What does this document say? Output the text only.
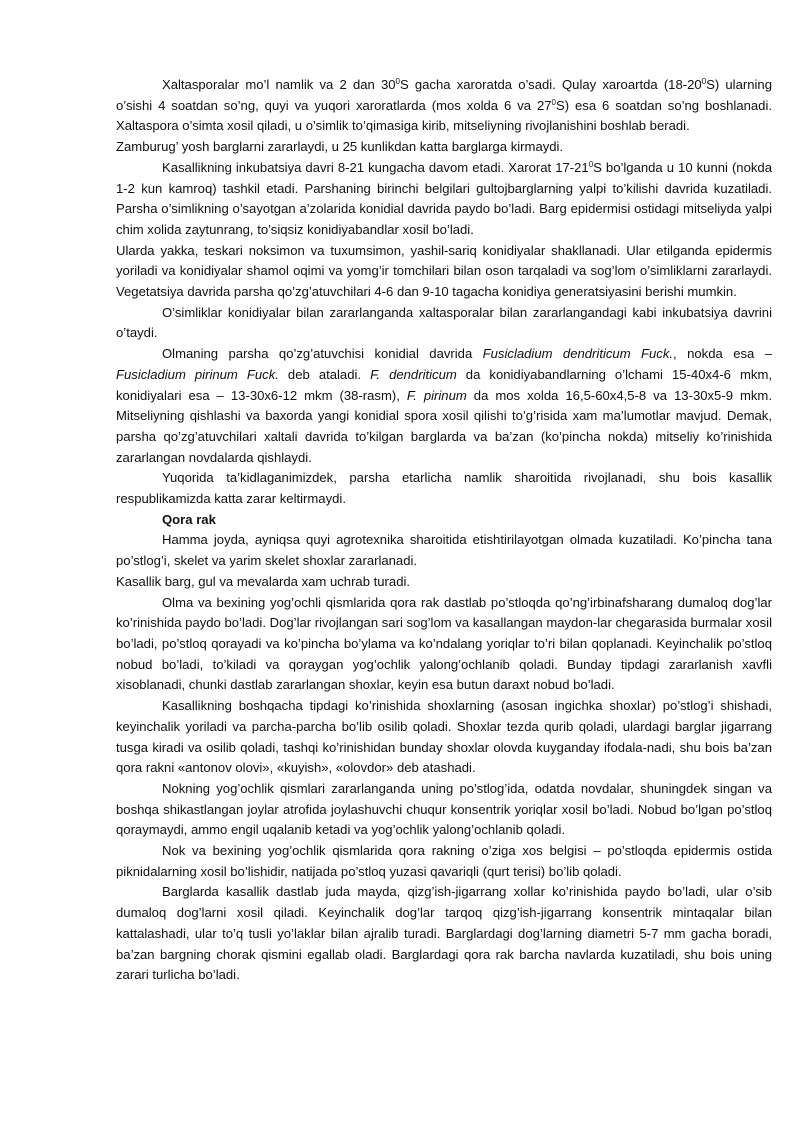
Xaltasporalar mo’l namlik va 2 dan $30^0S$ gacha xaroratda o’sadi. Qulay xaroartda $(18-20^0S)$ ularning o’sishi 4 soatdan so’ng, quyi va yuqori xaroratlarda (mos xolda 6 va $27^0S$) esa 6 soatdan so’ng boshlanadi. Xaltaspora o’simta xosil qiladi, u o’simlik to’qimasiga kirib, mitseliyning rivojlanishini boshlab beradi.

Zamburug’ yosh barglarni zararlaydi, u 25 kunlikdan katta barglarga kirmaydi.

Kasallikning inkubatsiya davri 8-21 kungacha davom etadi. Xarorat $17-21^0S$ bo’lganda u 10 kunni (nokda 1-2 kun kamroq) tashkil etadi. Parshaning birinchi belgilari gultojbarglarning yalpi to’kilishi davrida kuzatiladi. Parsha o’simlikning o’sayotgan a’zolarida konidial davrida paydo bo’ladi. Barg epidermisi ostidagi mitseliyda yalpi chim xolida zaytunrang, to’siqsiz konidiyabandlar xosil bo’ladi.

Ularda yakka, teskari noksimon va tuxumsimon, yashil-sariq konidiyalar shakllanadi. Ular etilganda epidermis yoriladi va konidiyalar shamol oqimi va yomg’ir tomchilari bilan oson tarqaladi va sog’lom o’simliklarni zararlaydi. Vegetatsiya davrida parsha qo’zg’atuvchilari 4-6 dan 9-10 tagacha konidiya generatsiyasini berishi mumkin.

O’simliklar konidiyalar bilan zararlanganda xaltasporalar bilan zararlangandagi kabi inkubatsiya davrini o’taydi.

Olmaning parsha qo’zg’atuvchisi konidial davrida Fusicladium dendriticum Fuck., nokda esa – Fusicladium pirinum Fuck. deb ataladi. F. dendriticum da konidiyabandlarning o’lchami 15-40x4-6 mkm, konidiyalari esa – 13-30x6-12 mkm (38-rasm), F. pirinum da mos xolda 16,5-60x4,5-8 va 13-30x5-9 mkm. Mitseliyning qishlashi va baxorda yangi konidial spora xosil qilishi to’g’risida xam ma’lumotlar mavjud. Demak, parsha qo’zg’atuvchilari xaltali davrida to’kilgan barglarda va ba’zan (ko’pincha nokda) mitseliy ko’rinishida zararlangan novdalarda qishlaydi.

Yuqorida ta’kidlaganimizdek, parsha etarlicha namlik sharoitida rivojlanadi, shu bois kasallik respublikamizda katta zarar keltirmaydi.

Qora rak

Hamma joyda, ayniqsa quyi agrotexnika sharoitida etishtirilayotgan olmada kuzatiladi. Ko’pincha tana po’stlog’i, skelet va yarim skelet shoxlar zararlanadi.

Kasallik barg, gul va mevalarda xam uchrab turadi.

Olma va bexining yog’ochli qismlarida qora rak dastlab po’stloqda qo’ng’irbinafsharang dumaloq dog’lar ko’rinishida paydo bo’ladi. Dog’lar rivojlangan sari sog’lom va kasallangan maydon-lar chegarasida burmalar xosil bo’ladi, po’stloq qorayadi va ko’pincha bo’ylama va ko’ndalang yoriqlar to’ri bilan qoplanadi. Keyinchalik po’stloq nobud bo’ladi, to’kiladi va qoraygan yog’ochlik yalong’ochlanib qoladi. Bunday tipdagi zararlanish xavfli xisoblanadi, chunki dastlab zararlangan shoxlar, keyin esa butun daraxt nobud bo’ladi.

Kasallikning boshqacha tipdagi ko’rinishida shoxlarning (asosan ingichka shoxlar) po’stlog’i shishadi, keyinchalik yoriladi va parcha-parcha bo’lib osilib qoladi. Shoxlar tezda qurib qoladi, ulardagi barglar jigarrang tusga kiradi va osilib qoladi, tashqi ko’rinishidan bunday shoxlar olovda kuyganday ifodala-nadi, shu bois ba’zan qora rakni «antonov olovi», «kuyish», «olovdor» deb atashadi.

Nokning yog’ochlik qismlari zararlanganda uning po’stlog’ida, odatda novdalar, shuningdek singan va boshqa shikastlangan joylar atrofida joylashuvchi chuqur konsentrik yoriqlar xosil bo’ladi. Nobud bo’lgan po’stloq qoraymaydi, ammo engil uqalanib ketadi va yog’ochlik yalong’ochlanib qoladi.

Nok va bexining yog’ochlik qismlarida qora rakning o’ziga xos belgisi – po’stloqda epidermis ostida piknidalarning xosil bo’lishidir, natijada po’stloq yuzasi qavariqli (qurt terisi) bo’lib qoladi.

Barglarda kasallik dastlab juda mayda, qizg’ish-jigarrang xollar ko’rinishida paydo bo’ladi, ular o’sib dumaloq dog’larni xosil qiladi. Keyinchalik dog’lar tarqoq qizg’ish-jigarrang konsentrik mintaqalar bilan kattalashadi, ular to’q tusli yo’laklar bilan ajralib turadi. Barglardagi dog’larning diametri 5-7 mm gacha boradi, ba’zan bargning chorak qismini egallab oladi. Barglardagi qora rak barcha navlarda kuzatiladi, shu bois uning zarari turlicha bo’ladi.
